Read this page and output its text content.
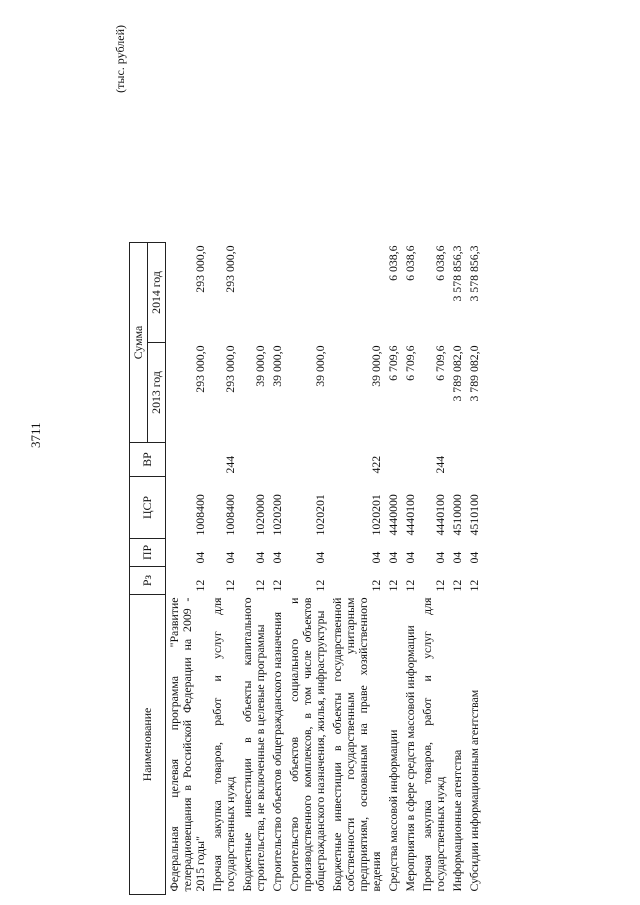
3711
(тыс. рублей)
Наименование	Рз	ПР	ЦСР	ВР	Сумма	
					2013 год	2014 год
Федеральная целевая программа "Развитие телерадиовещания в Российской Федерации на 2009 - 2015 годы"	12	04	1008400		293 000,0	293 000,0
Прочая закупка товаров, работ и услуг для государственных нужд	12	04	1008400	244	293 000,0	293 000,0
Бюджетные инвестиции в объекты капитального строительства, не включенные в целевые программы	12	04	1020000		39 000,0	
Строительство объектов общегражданского назначения	12	04	1020200		39 000,0	
Строительство объектов социального и производственного комплексов, в том числе объектов общегражданского назначения, жилья, инфраструктуры	12	04	1020201		39 000,0	
Бюджетные инвестиции в объекты государственной собственности государственным унитарным предприятиям, основанным на праве хозяйственного ведения	12	04	1020201	422	39 000,0	
Средства массовой информации	12	04	4440000		6 709,6	6 038,6
Мероприятия в сфере средств массовой информации	12	04	4440100		6 709,6	6 038,6
Прочая закупка товаров, работ и услуг для государственных нужд	12	04	4440100	244	6 709,6	6 038,6
Информационные агентства	12	04	4510000		3 789 082,0	3 578 856,3
Субсидии информационным агентствам	12	04	4510100		3 789 082,0	3 578 856,3
